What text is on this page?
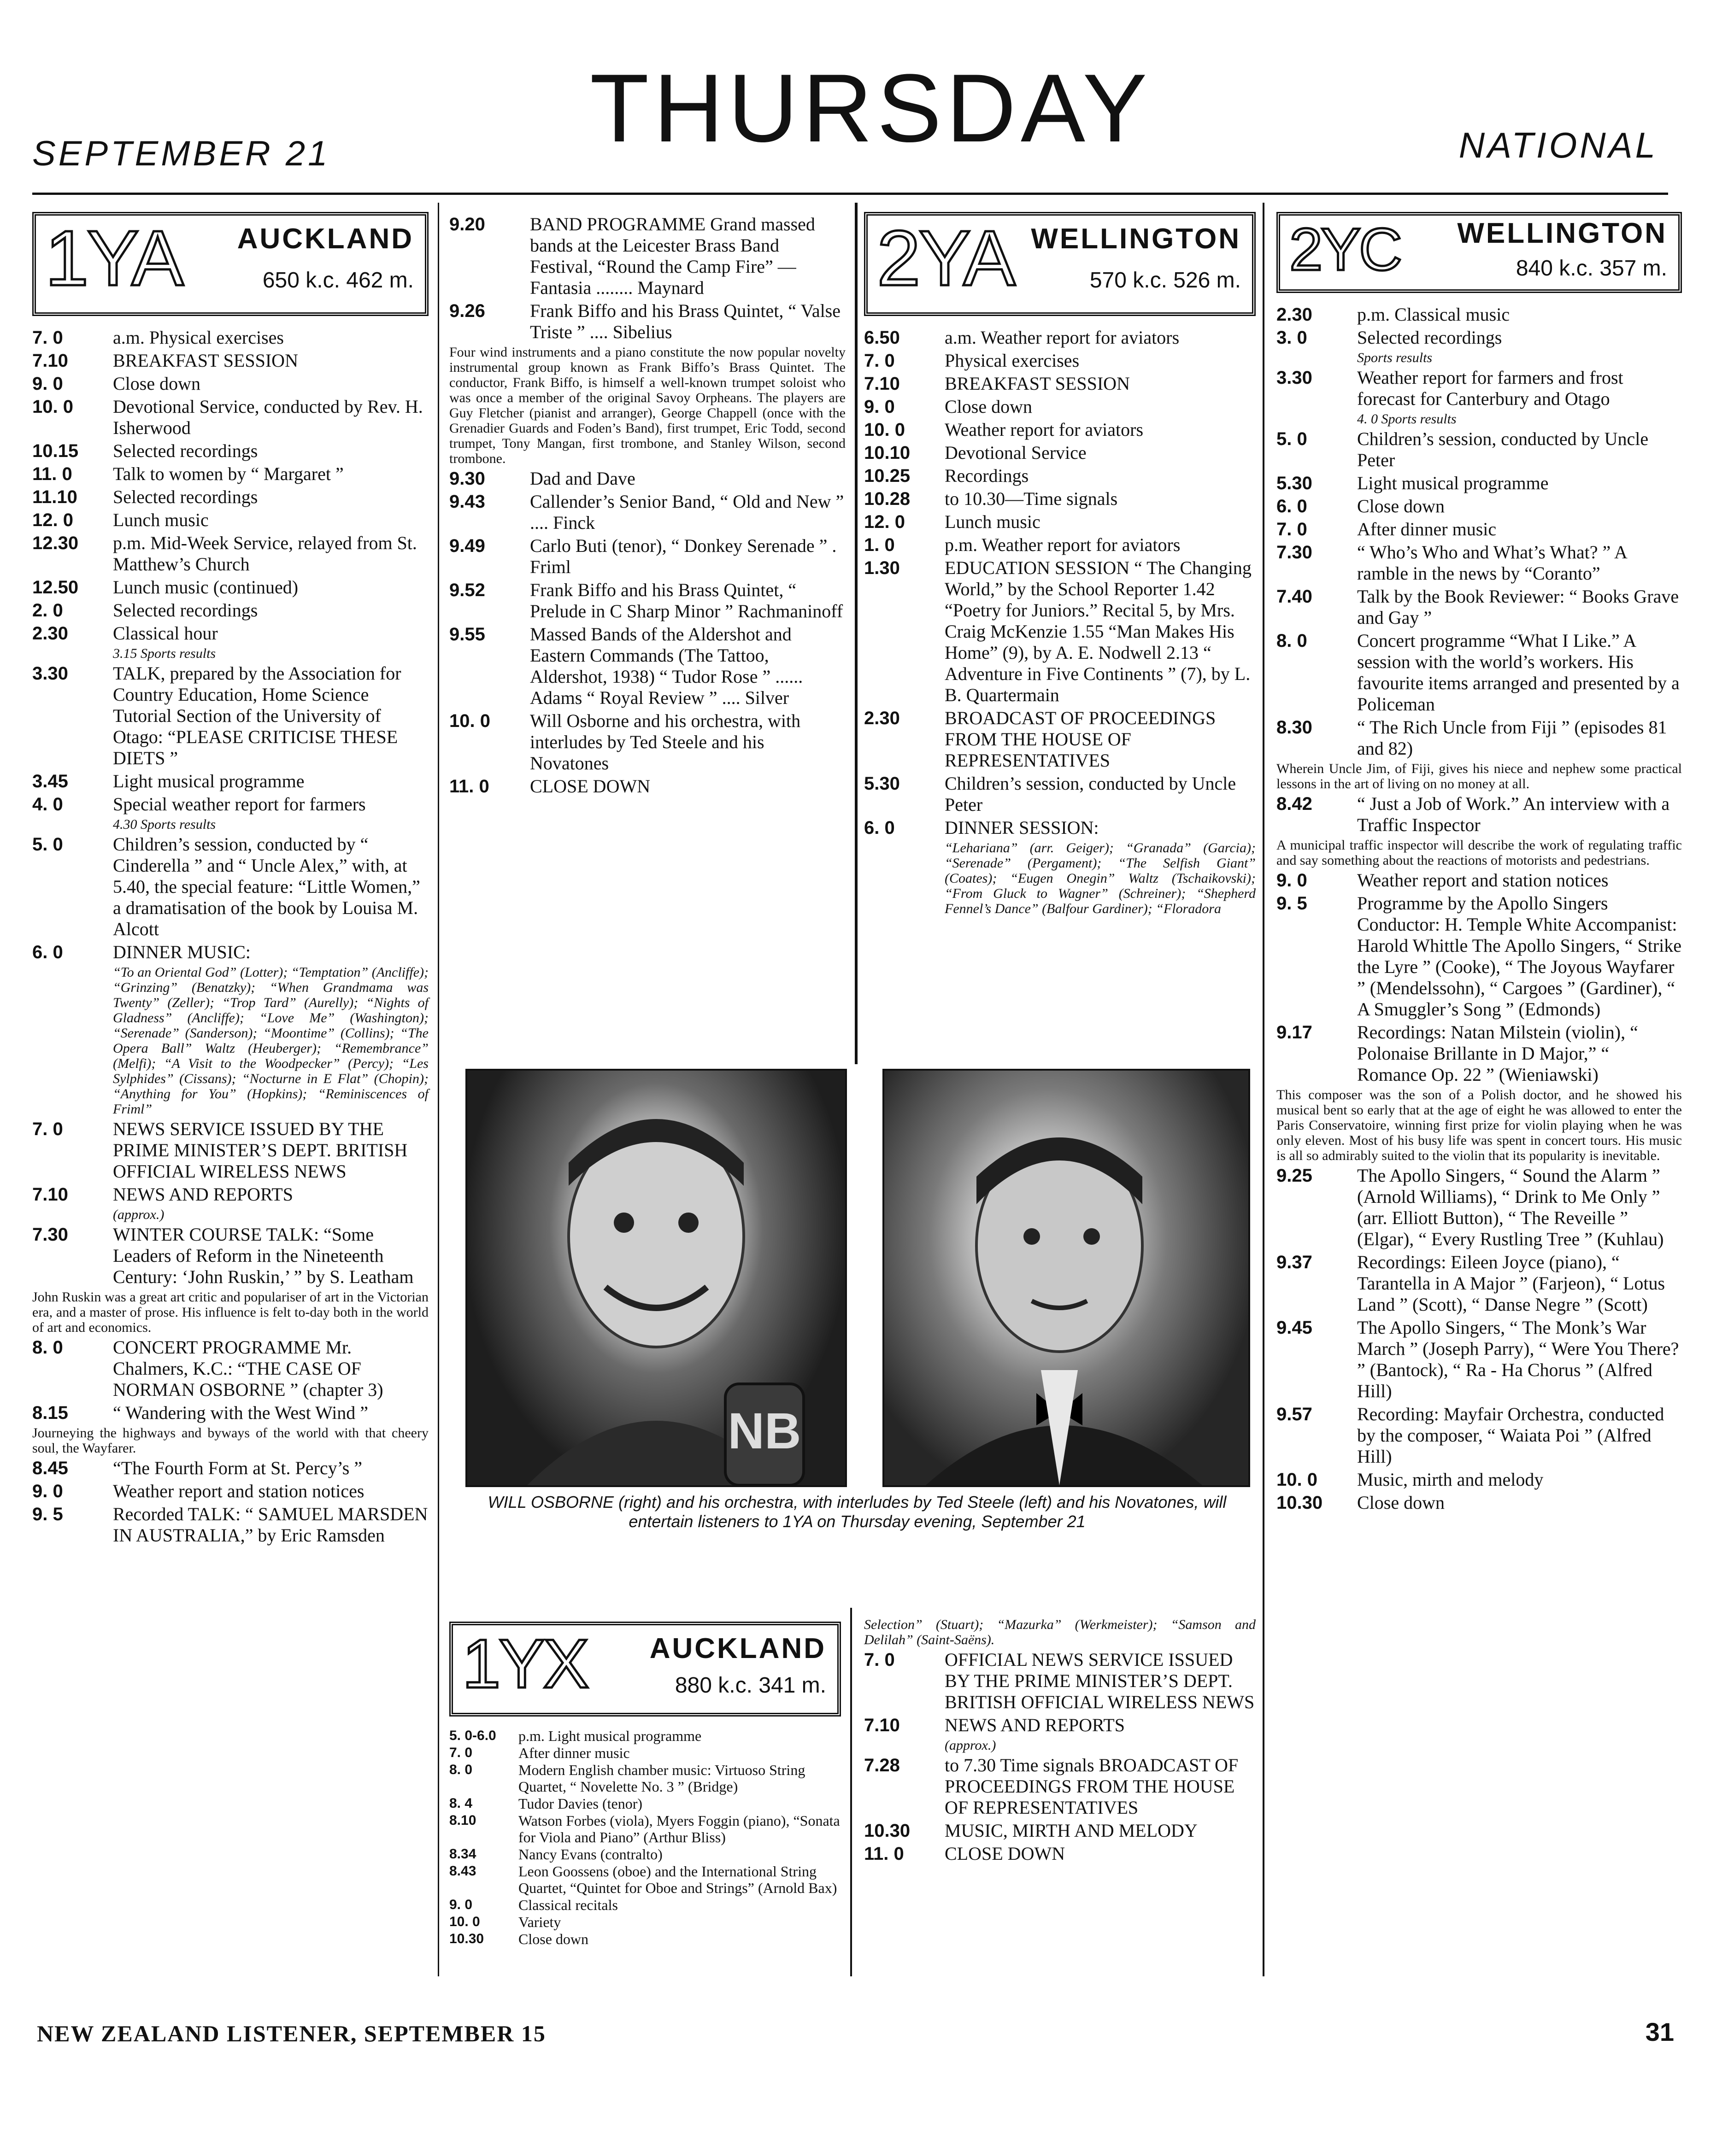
SEPTEMBER 21	THURSDAY	NATIONAL
1YA AUCKLAND
650 k.c. 462 m.
7. 0	a.m. Physical exercises

7.10	BREAKFAST SESSION

9. 0	Close down

10. 0	Devotional Service, conducted by Rev. H. Isherwood

10.15	Selected recordings

11. 0	Talk to women by “ Margaret ”

11.10	Selected recordings

12. 0	Lunch music

12.30	p.m. Mid-Week Service, relayed from St. Matthew’s Church

12.50	Lunch music (continued)

2. 0	Selected recordings

2.30	Classical hour

3.15 Sports results

3.30	TALK, prepared by the Association for Country Education, Home Science Tutorial Section of the University of Otago: “PLEASE CRITICISE THESE DIETS ”

3.45	Light musical programme

4. 0	Special weather report for farmers

4.30 Sports results

5. 0	Children’s session, conducted by “ Cinderella ” and “ Uncle Alex,” with, at 5.40, the special feature: “Little Women,” a dramatisation of the book by Louisa M. Alcott

6. 0	DINNER MUSIC:

“To an Oriental God” (Lotter); “Temptation” (Ancliffe); “Grinzing” (Benatzky); “When Grandmama was Twenty” (Zeller); “Trop Tard” (Aurelly); “Nights of Gladness” (Ancliffe); “Love Me” (Washington); “Serenade” (Sanderson); “Moontime” (Collins); “The Opera Ball” Waltz (Heuberger); “Remembrance” (Melfi); “A Visit to the Woodpecker” (Percy); “Les Sylphides” (Cissans); “Nocturne in E Flat” (Chopin); “Anything for You” (Hopkins); “Reminiscences of Friml”

7. 0	NEWS SERVICE ISSUED BY THE PRIME MINISTER’S DEPT. BRITISH OFFICIAL WIRELESS NEWS

7.10	NEWS AND REPORTS

(approx.)

7.30	WINTER COURSE TALK: “Some Leaders of Reform in the Nineteenth Century: ‘John Ruskin,’ ” by S. Leatham

John Ruskin was a great art critic and populariser of art in the Victorian era, and a master of prose. His influence is felt to-day both in the world of art and economics.

8. 0	CONCERT PROGRAMME Mr. Chalmers, K.C.: “THE CASE OF NORMAN OSBORNE ” (chapter 3)

8.15	“ Wandering with the West Wind ”

Journeying the highways and byways of the world with that cheery soul, the Wayfarer.

8.45	“The Fourth Form at St. Percy’s ”

9. 0	Weather report and station notices

9. 5	Recorded TALK: “ SAMUEL MARSDEN IN AUSTRALIA,” by Eric Ramsden

9.20	BAND PROGRAMME Grand massed bands at the Leicester Brass Band Festival, “Round the Camp Fire” — Fantasia ........ Maynard

9.26	Frank Biffo and his Brass Quintet, “ Valse Triste ” .... Sibelius

Four wind instruments and a piano constitute the now popular novelty instrumental group known as Frank Biffo’s Brass Quintet. The conductor, Frank Biffo, is himself a well-known trumpet soloist who was once a member of the original Savoy Orpheans. The players are Guy Fletcher (pianist and arranger), George Chappell (once with the Grenadier Guards and Foden’s Band), first trumpet, Eric Todd, second trumpet, Tony Mangan, first trombone, and Stanley Wilson, second trombone.

9.30	Dad and Dave

9.43	Callender’s Senior Band, “ Old and New ” .... Finck

9.49	Carlo Buti (tenor), “ Donkey Serenade ” . Friml

9.52	Frank Biffo and his Brass Quintet, “ Prelude in C Sharp Minor ” Rachmaninoff

9.55	Massed Bands of the Aldershot and Eastern Commands (The Tattoo, Aldershot, 1938) “ Tudor Rose ” ...... Adams “ Royal Review ” .... Silver

10. 0	Will Osborne and his orchestra, with interludes by Ted Steele and his Novatones

11. 0	CLOSE DOWN

NB
WILL OSBORNE (right) and his orchestra, with interludes by Ted Steele (left) and his Novatones, will entertain listeners to 1YA on Thursday evening, September 21
1YX AUCKLAND
880 k.c. 341 m.
5. 0-6.0	p.m. Light musical programme

7. 0	After dinner music

8. 0	Modern English chamber music: Virtuoso String Quartet, “ Novelette No. 3 ” (Bridge)

8. 4	Tudor Davies (tenor)

8.10	Watson Forbes (viola), Myers Foggin (piano), “Sonata for Viola and Piano” (Arthur Bliss)

8.34	Nancy Evans (contralto)

8.43	Leon Goossens (oboe) and the International String Quartet, “Quintet for Oboe and Strings” (Arnold Bax)

9. 0	Classical recitals

10. 0	Variety

10.30	Close down

2YA WELLINGTON
570 k.c. 526 m.
6.50	a.m. Weather report for aviators

7. 0	Physical exercises

7.10	BREAKFAST SESSION

9. 0	Close down

10. 0	Weather report for aviators

10.10	Devotional Service

10.25	Recordings

10.28	to 10.30—Time signals

12. 0	Lunch music

1. 0	p.m. Weather report for aviators

1.30	EDUCATION SESSION “ The Changing World,” by the School Reporter 1.42 “Poetry for Juniors.” Recital 5, by Mrs. Craig McKenzie 1.55 “Man Makes His Home” (9), by A. E. Nodwell 2.13 “ Adventure in Five Continents ” (7), by L. B. Quartermain

2.30	BROADCAST OF PROCEEDINGS FROM THE HOUSE OF REPRESENTATIVES

5.30	Children’s session, conducted by Uncle Peter

6. 0	DINNER SESSION:

“Lehariana” (arr. Geiger); “Granada” (Garcia); “Serenade” (Pergament); “The Selfish Giant” (Coates); “Eugen Onegin” Waltz (Tschaikovski); “From Gluck to Wagner” (Schreiner); “Shepherd Fennel’s Dance” (Balfour Gardiner); “Floradora

Selection” (Stuart); “Mazurka” (Werkmeister); “Samson and Delilah” (Saint-Saëns).

7. 0	OFFICIAL NEWS SERVICE ISSUED BY THE PRIME MINISTER’S DEPT. BRITISH OFFICIAL WIRELESS NEWS

7.10	NEWS AND REPORTS

(approx.)

7.28	to 7.30 Time signals BROADCAST OF PROCEEDINGS FROM THE HOUSE OF REPRESENTATIVES

10.30	MUSIC, MIRTH AND MELODY

11. 0	CLOSE DOWN

2YC WELLINGTON
840 k.c. 357 m.
2.30	p.m. Classical music

3. 0	Selected recordings

Sports results

3.30	Weather report for farmers and frost forecast for Canterbury and Otago

4. 0 Sports results

5. 0	Children’s session, conducted by Uncle Peter

5.30	Light musical programme

6. 0	Close down

7. 0	After dinner music

7.30	“ Who’s Who and What’s What? ” A ramble in the news by “Coranto”

7.40	Talk by the Book Reviewer: “ Books Grave and Gay ”

8. 0	Concert programme “What I Like.” A session with the world’s workers. His favourite items arranged and presented by a Policeman

8.30	“ The Rich Uncle from Fiji ” (episodes 81 and 82)

Wherein Uncle Jim, of Fiji, gives his niece and nephew some practical lessons in the art of living on no money at all.

8.42	“ Just a Job of Work.” An interview with a Traffic Inspector

A municipal traffic inspector will describe the work of regulating traffic and say something about the reactions of motorists and pedestrians.

9. 0	Weather report and station notices

9. 5	Programme by the Apollo Singers Conductor: H. Temple White Accompanist: Harold Whittle The Apollo Singers, “ Strike the Lyre ” (Cooke), “ The Joyous Wayfarer ” (Mendelssohn), “ Cargoes ” (Gardiner), “ A Smuggler’s Song ” (Edmonds)

9.17	Recordings: Natan Milstein (violin), “ Polonaise Brillante in D Major,” “ Romance Op. 22 ” (Wieniawski)

This composer was the son of a Polish doctor, and he showed his musical bent so early that at the age of eight he was allowed to enter the Paris Conservatoire, winning first prize for violin playing when he was only eleven. Most of his busy life was spent in concert tours. His music is all so admirably suited to the violin that its popularity is inevitable.

9.25	The Apollo Singers, “ Sound the Alarm ” (Arnold Williams), “ Drink to Me Only ” (arr. Elliott Button), “ The Reveille ” (Elgar), “ Every Rustling Tree ” (Kuhlau)

9.37	Recordings: Eileen Joyce (piano), “ Tarantella in A Major ” (Farjeon), “ Lotus Land ” (Scott), “ Danse Negre ” (Scott)

9.45	The Apollo Singers, “ The Monk’s War March ” (Joseph Parry), “ Were You There? ” (Bantock), “ Ra - Ha Chorus ” (Alfred Hill)

9.57	Recording: Mayfair Orchestra, conducted by the composer, “ Waiata Poi ” (Alfred Hill)

10. 0	Music, mirth and melody

10.30	Close down

NEW ZEALAND LISTENER, SEPTEMBER 15	31
